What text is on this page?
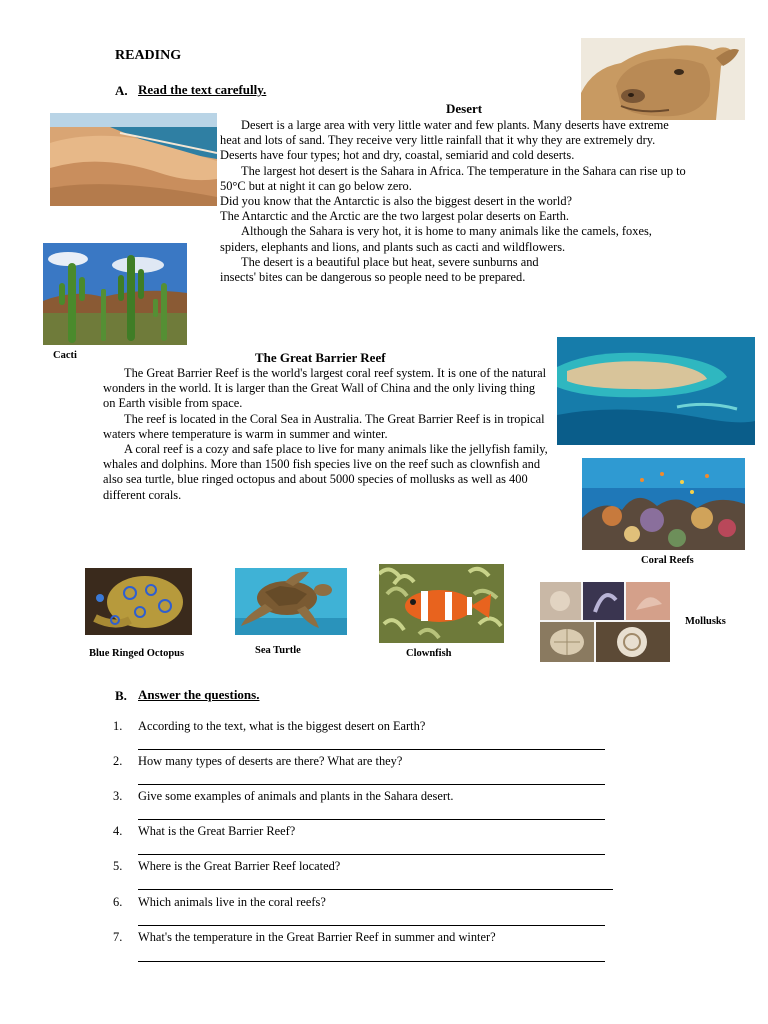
READING
A. Read the text carefully.
Desert

Desert is a large area with very little water and few plants. Many deserts have extreme heat and lots of sand. They receive very little rainfall that it why they are extremely dry. Deserts have four types; hot and dry, coastal, semiarid and cold deserts.

The largest hot desert is the Sahara in Africa. The temperature in the Sahara can rise up to 50°C but at night it can go below zero.

Did you know that the Antarctic is also the biggest desert in the world?

The Antarctic and the Arctic are the two largest polar deserts on Earth.

Although the Sahara is very hot, it is home to many animals like the camels, foxes, spiders, elephants and lions, and plants such as cacti and wildflowers.

The desert is a beautiful place but heat, severe sunburns and

insects' bites can be dangerous so people need to be prepared.

Cacti	The Great Barrier Reef

The Great Barrier Reef is the world's largest coral reef system. It is one of the natural wonders in the world. It is larger than the Great Wall of China and the only living thing on Earth visible from space.

The reef is located in the Coral Sea in Australia. The Great Barrier Reef is in tropical waters where temperature is warm in summer and winter.

A coral reef is a cozy and safe place to live for many animals like the jellyfish family, whales and dolphins. More than 1500 fish species live on the reef such as clownfish and also sea turtle, blue ringed octopus and about 5000 species of mollusks as well as 400 different corals.

Coral Reefs
Blue Ringed Octopus	Sea Turtle	Clownfish
Mollusks
B. Answer the questions.
1. According to the text, what is the biggest desert on Earth?
2. How many types of deserts are there? What are they?
3. Give some examples of animals and plants in the Sahara desert.
4. What is the Great Barrier Reef?
5. Where is the Great Barrier Reef located?
6. Which animals live in the coral reefs?
7. What's the temperature in the Great Barrier Reef in summer and winter?
